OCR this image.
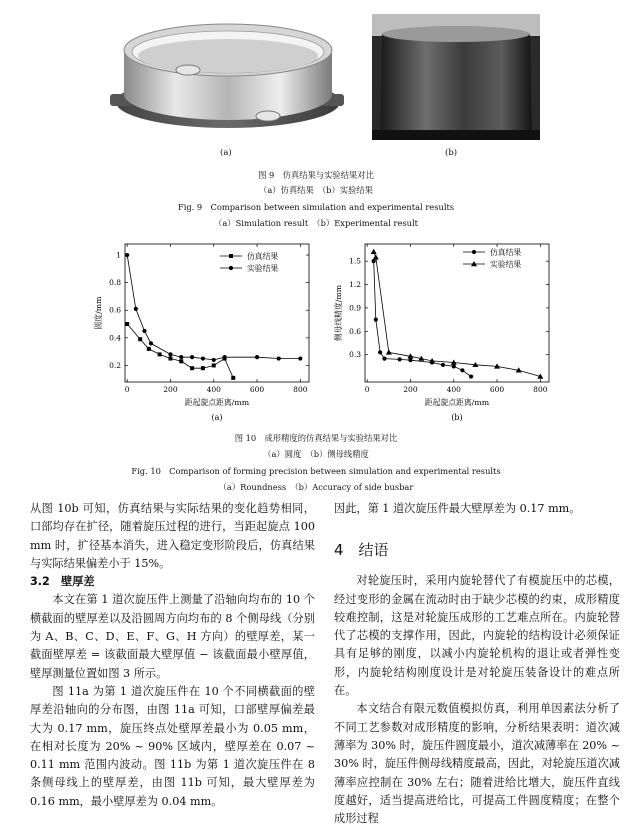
(a)	(b)
图 9　仿真结果与实验结果对比
（a）仿真结果　（b）实验结果
Fig. 9　Comparison between simulation and experimental results
（a）Simulation result　（b）Experimental result
0	200	400	600	800
0.2
0.4
0.6
0.8
1
距起旋点距离/mm
圆度/mm
(a)
仿真结果
实验结果
0	200	400	600	800
0.3
0.6
0.9
1.2
1.5
距起旋点距离/mm
侧母线精度/mm
(b)
仿真结果
实验结果
图 10　成形精度的仿真结果与实验结果对比
（a）圆度　（b）侧母线精度
Fig. 10　Comparison of forming precision between simulation and experimental results
（a）Roundness　（b）Accuracy of side busbar

从图 10b 可知，仿真结果与实际结果的变化趋势相同，口部均存在扩径，随着旋压过程的进行，当距起旋点 100 mm 时，扩径基本消失，进入稳定变形阶段后，仿真结果与实际结果偏差小于 15%。

3.2　壁厚差

本文在第 1 道次旋压件上测量了沿轴向均布的 10 个横截面的壁厚差以及沿圆周方向均布的 8 个侧母线（分别为 A、B、C、D、E、F、G、H 方向）的壁厚差，某一截面壁厚差 = 该截面最大壁厚值 − 该截面最小壁厚值，壁厚测量位置如图 3 所示。

图 11a 为第 1 道次旋压件在 10 个不同横截面的壁厚差沿轴向的分布图，由图 11a 可知，口部壁厚偏差最大为 0.17 mm，旋压终点处壁厚差最小为 0.05 mm，在相对长度为 20% ~ 90% 区域内，壁厚差在 0.07 ~ 0.11 mm 范围内波动。图 11b 为第 1 道次旋压件在 8 条侧母线上的壁厚差，由图 11b 可知，最大壁厚差为 0.16 mm，最小壁厚差为 0.04 mm。

因此，第 1 道次旋压件最大壁厚差为 0.17 mm。

4　结语

对轮旋压时，采用内旋轮替代了有模旋压中的芯模，经过变形的金属在流动时由于缺少芯模的约束，成形精度较难控制，这是对轮旋压成形的工艺难点所在。内旋轮替代了芯模的支撑作用，因此，内旋轮的结构设计必须保证具有足够的刚度，以减小内旋轮机构的退让或者弹性变形，内旋轮结构刚度设计是对轮旋压装备设计的难点所在。

本文结合有限元数值模拟仿真，利用单因素法分析了不同工艺参数对成形精度的影响，分析结果表明：道次减薄率为 30% 时，旋压件圆度最小，道次减薄率在 20% ~ 30% 时，旋压件侧母线精度最高，因此，对轮旋压道次减薄率应控制在 30% 左右；随着进给比增大，旋压件直线度越好，适当提高进给比，可提高工件圆度精度；在整个成形过程
